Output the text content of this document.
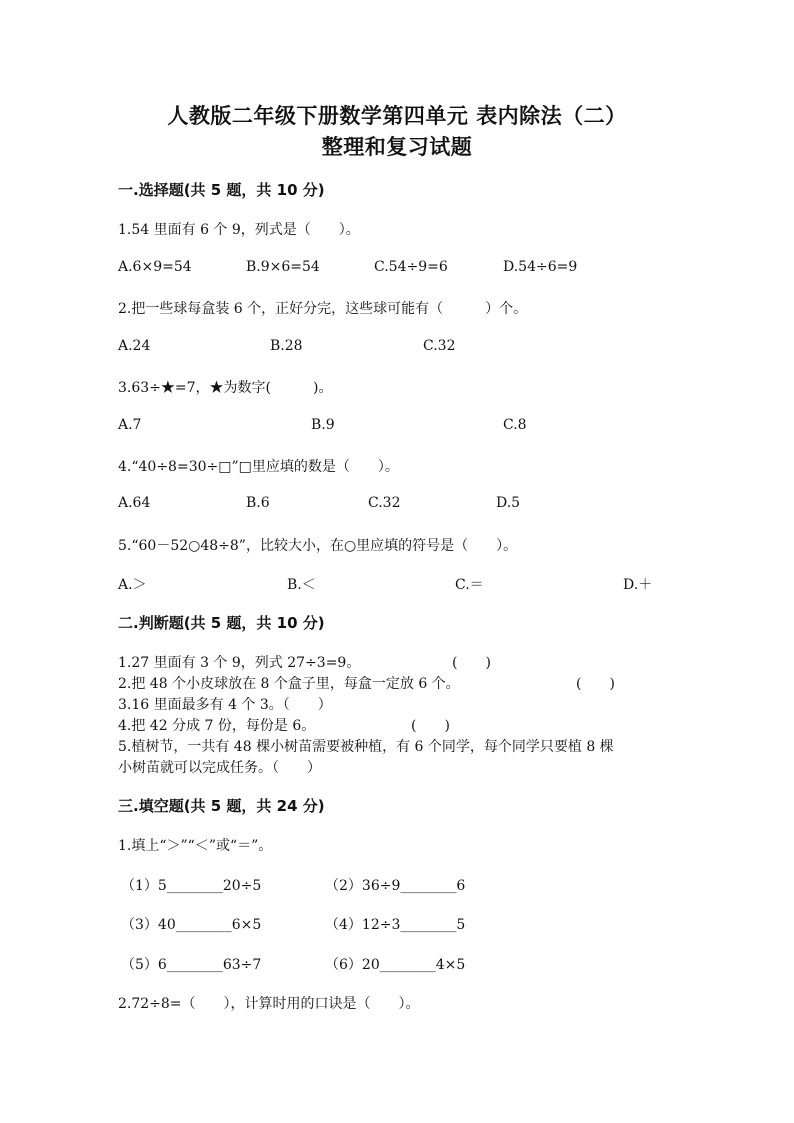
人教版二年级下册数学第四单元 表内除法（二）
整理和复习试题
一.选择题(共 5 题，共 10 分)
1.54 里面有 6 个 9，列式是（　　）。
A.6×9=54	B.9×6=54	C.54÷9=6	D.54÷6=9
2.把一些球每盒装 6 个，正好分完，这些球可能有（　　　）个。
A.24	B.28	C.32
3.63÷★=7，★为数字(　　　)。
A.7	B.9	C.8
4.“40÷8=30÷□”□里应填的数是（　　）。
A.64	B.6	C.32	D.5
5.“60－52○48÷8”，比较大小，在○里应填的符号是（　　）。
A.＞	B.＜	C.＝	D.＋
二.判断题(共 5 题，共 10 分)
1.27 里面有 3 个 9，列式 27÷3=9。	(　　)
2.把 48 个小皮球放在 8 个盒子里，每盒一定放 6 个。	(　　)
3.16 里面最多有 4 个 3。（　　）
4.把 42 分成 7 份，每份是 6。	(　　)
5.植树节，一共有 48 棵小树苗需要被种植，有 6 个同学，每个同学只要植 8 棵
小树苗就可以完成任务。（　　）
三.填空题(共 5 题，共 24 分)
1.填上“＞”“＜”或“＝”。
（1）5________20÷5	（2）36÷9________6
（3）40________6×5	（4）12÷3________5
（5）6________63÷7	（6）20________4×5
2.72÷8=（　　），计算时用的口诀是（　　）。
